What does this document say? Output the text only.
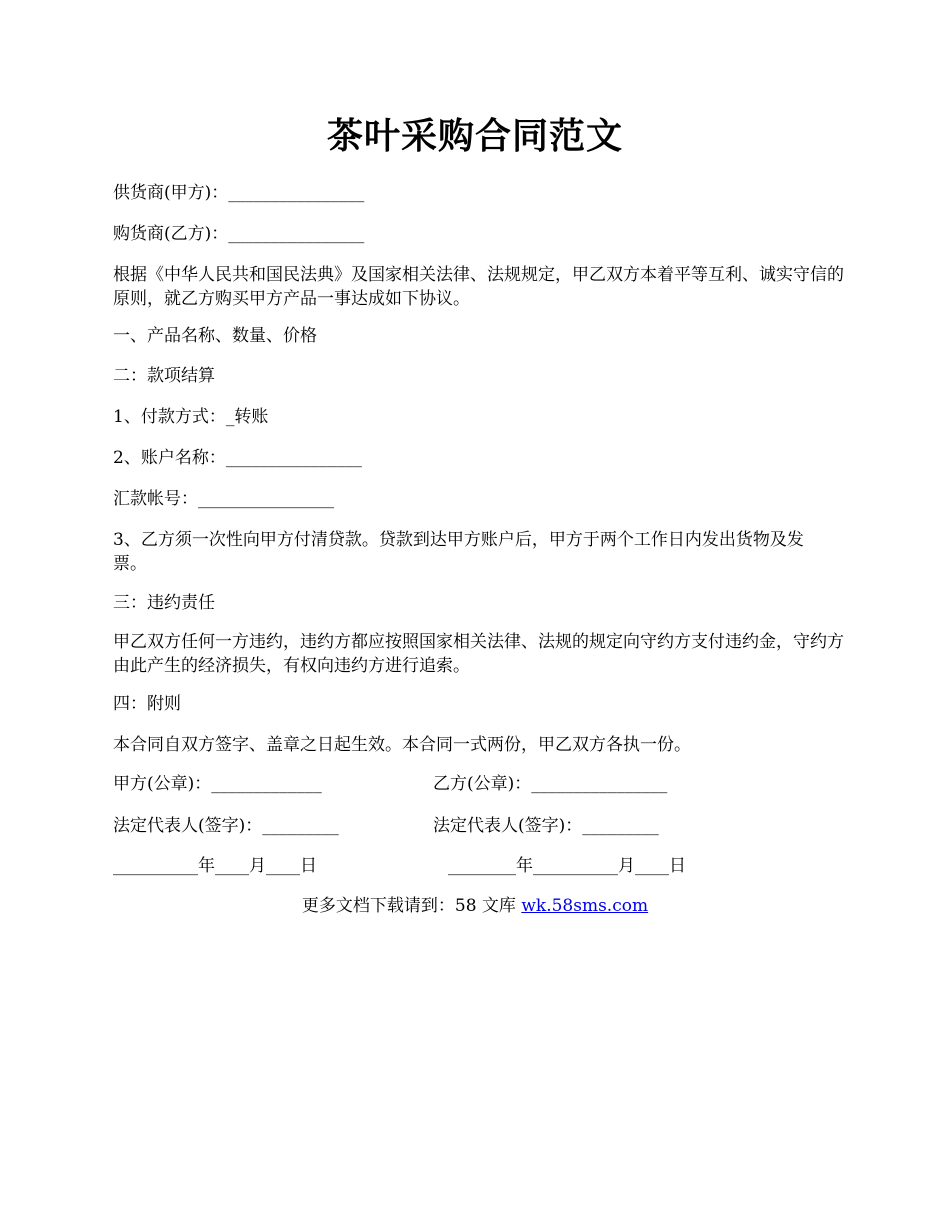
茶叶采购合同范文
供货商(甲方)：________________
购货商(乙方)：________________
根据《中华人民共和国民法典》及国家相关法律、法规规定，甲乙双方本着平等互利、诚实守信的原则，就乙方购买甲方产品一事达成如下协议。
一、产品名称、数量、价格
二：款项结算
1、付款方式：_转账
2、账户名称：________________
汇款帐号：________________
3、乙方须一次性向甲方付清贷款。贷款到达甲方账户后，甲方于两个工作日内发出货物及发票。
三：违约责任
甲乙双方任何一方违约，违约方都应按照国家相关法律、法规的规定向守约方支付违约金，守约方由此产生的经济损失，有权向违约方进行追索。
四：附则
本合同自双方签字、盖章之日起生效。本合同一式两份，甲乙双方各执一份。
甲方(公章)：_____________	乙方(公章)：________________
法定代表人(签字)：_________	法定代表人(签字)：_________
__________年____月____日	________年__________月____日
更多文档下载请到：58 文库 wk.58sms.com
